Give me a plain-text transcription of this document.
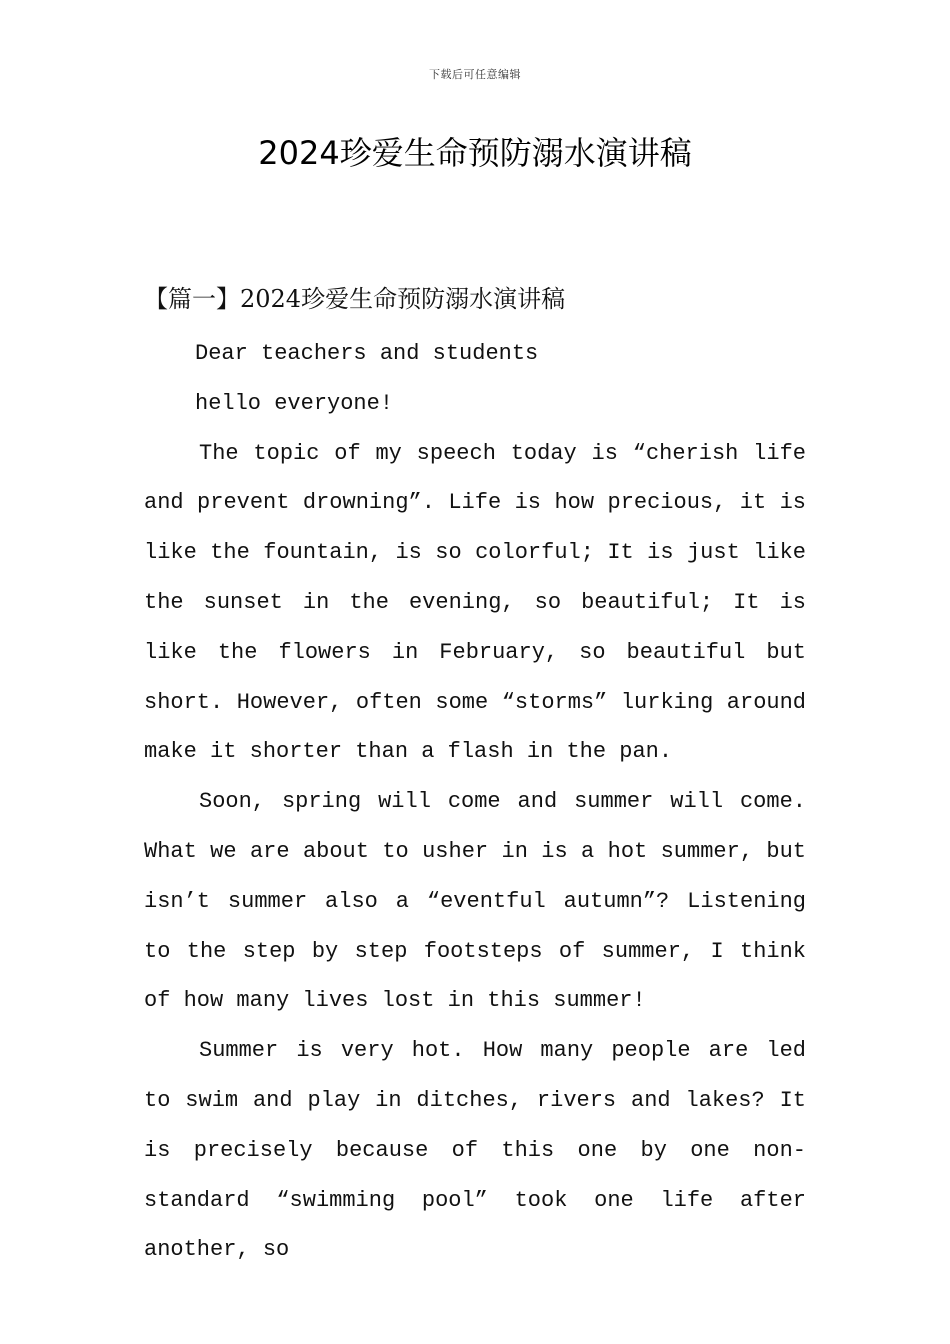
下载后可任意编辑
2024珍爱生命预防溺水演讲稿

【篇一】2024珍爱生命预防溺水演讲稿

Dear teachers and students

hello everyone!

The topic of my speech today is “cherish life and prevent drowning”. Life is how precious, it is like the fountain, is so colorful; It is just like the sunset in the evening, so beautiful; It is like the flowers in February, so beautiful but short. However, often some “storms” lurking around make it shorter than a flash in the pan.

Soon, spring will come and summer will come. What we are about to usher in is a hot summer, but isn’t summer also a “eventful autumn”? Listening to the step by step footsteps of summer, I think of how many lives lost in this summer!

Summer is very hot. How many people are led to swim and play in ditches, rivers and lakes? It is precisely because of this one by one non-standard “swimming pool” took one life after another, so
